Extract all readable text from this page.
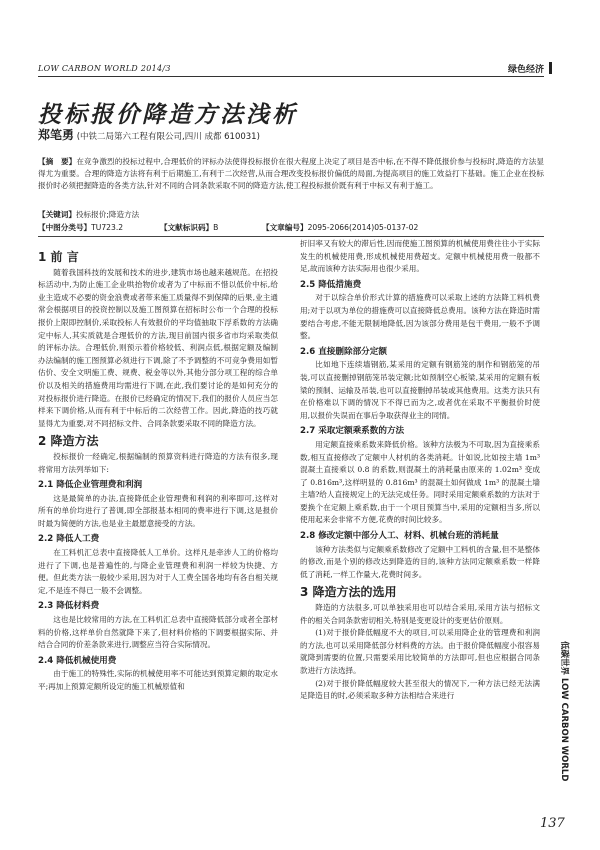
LOW CARBON WORLD 2014/3	绿色经济
投标报价降造方法浅析
郑笔勇 (中铁二局第六工程有限公司,四川 成都 610031)
【摘　要】在竞争激烈的投标过程中,合理低价的评标办法使得投标报价在很大程度上决定了项目是否中标,在不得不降低报价参与投标时,降造的方法显得尤为重要。合理的降造方法将有利于后期施工,有利于二次经营,从而合理改变投标报价偏低的局面,为提高项目的施工效益打下基础。施工企业在投标报价时必须把握降造的各类方法,针对不同的合同条款采取不同的降造方法,使工程投标报价既有利于中标又有利于施工。
【关键词】投标报价;降造方法
【中图分类号】TU723.2	【文献标识码】B	【文章编号】2095-2066(2014)05-0137-02
1 前 言

随着我国科技的发展和技术的进步,建筑市场也越来越规范。在招投标活动中,为防止施工企业哄抬物价或者为了中标而不惜以低价中标,给业主造成不必要的资金浪费或者带来施工质量得不到保障的后果,业主通常会根据项目的投资控制以及施工图预算在招标时公布一个合理的投标报价上限即控制价,采取投标人有效报价的平均值抽取下浮系数的方法确定中标人,其实质就是合理低价的方法,现目前国内很多省市均采取类似的评标办法。合理低价,则预示着价格较低、利润点低,根据定额及编制办法编制的施工图预算必须进行下调,除了不予调整的不可竞争费用如暂估价、安全文明施工费、规费、税金等以外,其他分部分项工程的综合单价以及相关的措施费用均需进行下调,在此,我们要讨论的是如何充分的对投标报价进行降造。在报价已经确定的情况下,我们的报价人员应当怎样来下调价格,从而有利于中标后的二次经营工作。因此,降造的技巧就显得尤为重要,对不同招标文件、合同条款要采取不同的降造方法。

2 降造方法

投标报价一经确定,根据编制的预算资料进行降造的方法有很多,现将常用方法列举如下:

2.1 降低企业管理费和利润

这是最简单的办法,直接降低企业管理费和利润的利率即可,这样对所有的单价均进行了普调,即全部报基本相同的费率进行下调,这是报价时最为简便的方法,也是业主最愿意接受的方法。

2.2 降低人工费

在工料机汇总表中直接降低人工单价。这样凡是牵涉人工的价格均进行了下调,也是普遍性的,与降企业管理费和利润一样较为快捷、方便。但此类方法一般较少采用,因为对于人工费全国各地均有各自相关规定,不是连不得已一般不会调整。

2.3 降低材料费

这也是比较常用的方法,在工料机汇总表中直接降低部分或者全部材料的价格,这样单价自然就降下来了,但材料价格的下调要根据实际、并结合合同的价差条款来进行,调整应当符合实际情况。

2.4 降低机械使用费

由于施工的特殊性,实际的机械使用率不可能达到预算定额的取定水平;再加上预算定额所设定的施工机械原值和

折旧率又有较大的滞后性,因而使施工图预算的机械使用费往往小于实际发生的机械使用费,形成机械使用费超支。定额中机械使用费一般都不足,故而该种方法实际用也很少采用。

2.5 降低措施费

对于以综合单价形式计算的措施费可以采取上述的方法降工料机费用;对于以项为单位的措施费可以直接降低总费用。该种方法在降造时需要结合考虑,不能无限制地降低,因为该部分费用是包干费用,一般不予调整。

2.6 直接删除部分定额

比如地下连续墙钢筋,某采用的定额有钢筋笼的制作和钢筋笼的吊装,可以直接删掉钢筋笼吊装定额;比如预制空心板梁,某采用的定额有板梁的预制、运输及吊装,也可以直接删掉吊装或其他费用。这类方法只有在价格难以下调的情况下不得已而为之,或者优在采取不平衡报价时使用,以报价失误而在事后争取获得业主的同情。

2.7 采取定额乘系数的方法

用定额直接乘系数来降低价格。该种方法极为不可取,因为直接乘系数,相互直接修改了定额中人材机的各类消耗。计如说,比如按主墙 1m³ 混凝土直接乘以 0.8 的系数,则混凝土的消耗量由原来的 1.02m³ 变成了 0.816m³,这样明显的 0.816m³ 的混凝土如何做成 1m³ 的混凝土墙主墙?给人直接规定上的无法完成任务。同时采用定额乘系数的方法对于要换个在定额上乘系数,由于一个项目预算当中,采用的定额相当多,所以使用起来会非常不方便,花费的时间比较多。

2.8 修改定额中部分人工、材料、机械台班的消耗量

该种方法类似与定额乘系数修改了定额中工料机的含量,但不是整体的修改,而是个别的修改达到降造的目的,该种方法同定额乘系数一样降低了消耗,一样工作量大,花费时间多。

3 降造方法的选用

降造的方法很多,可以单独采用也可以结合采用,采用方法与招标文件的相关合同条款密切相关,特别是变更设计的变更估价原则。

(1)对于报价降低幅度不大的项目,可以采用降企业的管理费和利润的方法,也可以采用降低部分材料费的方法。由于报价降低幅度小很容易就降到需要的位置,只需要采用比较简单的方法即可,但也应根据合同条款进行方法选择。

(2)对于报价降低幅度较大甚至很大的情况下,一种方法已经无法满足降造目的时,必须采取多种方法相结合来进行	低碳世界 LOW CARBON WORLD
137
